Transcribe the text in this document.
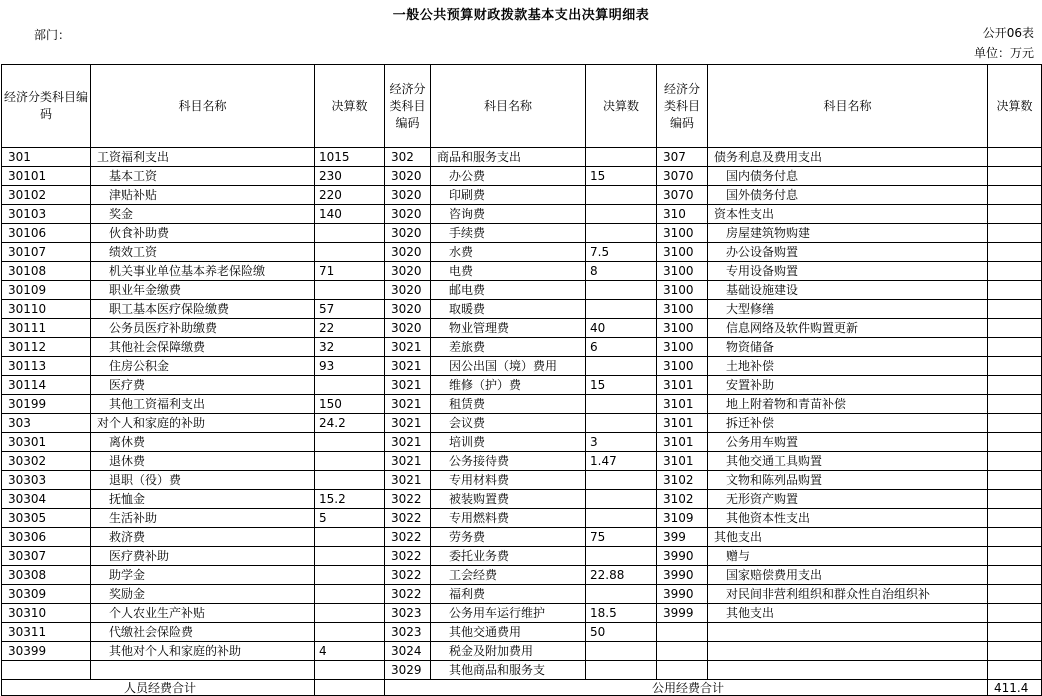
一般公共预算财政拨款基本支出决算明细表
部门：	公开06表
单位：万元
经济分类科目编码	科目名称	决算数	经济分类科目编码	科目名称	决算数	经济分类科目编码	科目名称	决算数
301	工资福利支出	1015	302	商品和服务支出		307	债务利息及费用支出	
30101	基本工资	230	3020	办公费	15	3070	国内债务付息	
30102	津贴补贴	220	3020	印刷费		3070	国外债务付息	
30103	奖金	140	3020	咨询费		310	资本性支出	
30106	伙食补助费		3020	手续费		3100	房屋建筑物购建	
30107	绩效工资		3020	水费	7.5	3100	办公设备购置	
30108	机关事业单位基本养老保险缴	71	3020	电费	8	3100	专用设备购置	
30109	职业年金缴费		3020	邮电费		3100	基础设施建设	
30110	职工基本医疗保险缴费	57	3020	取暖费		3100	大型修缮	
30111	公务员医疗补助缴费	22	3020	物业管理费	40	3100	信息网络及软件购置更新	
30112	其他社会保障缴费	32	3021	差旅费	6	3100	物资储备	
30113	住房公积金	93	3021	因公出国（境）费用		3100	土地补偿	
30114	医疗费		3021	维修（护）费	15	3101	安置补助	
30199	其他工资福利支出	150	3021	租赁费		3101	地上附着物和青苗补偿	
303	对个人和家庭的补助	24.2	3021	会议费		3101	拆迁补偿	
30301	离休费		3021	培训费	3	3101	公务用车购置	
30302	退休费		3021	公务接待费	1.47	3101	其他交通工具购置	
30303	退职（役）费		3021	专用材料费		3102	文物和陈列品购置	
30304	抚恤金	15.2	3022	被装购置费		3102	无形资产购置	
30305	生活补助	5	3022	专用燃料费		3109	其他资本性支出	
30306	救济费		3022	劳务费	75	399	其他支出	
30307	医疗费补助		3022	委托业务费		3990	赠与	
30308	助学金		3022	工会经费	22.88	3990	国家赔偿费用支出	
30309	奖励金		3022	福利费		3990	对民间非营利组织和群众性自治组织补	
30310	个人农业生产补贴		3023	公务用车运行维护	18.5	3999	其他支出	
30311	代缴社会保险费		3023	其他交通费用	50			
30399	其他对个人和家庭的补助	4	3024	税金及附加费用				
			3029	其他商品和服务支				
人员经费合计			公用经费合计					411.4
